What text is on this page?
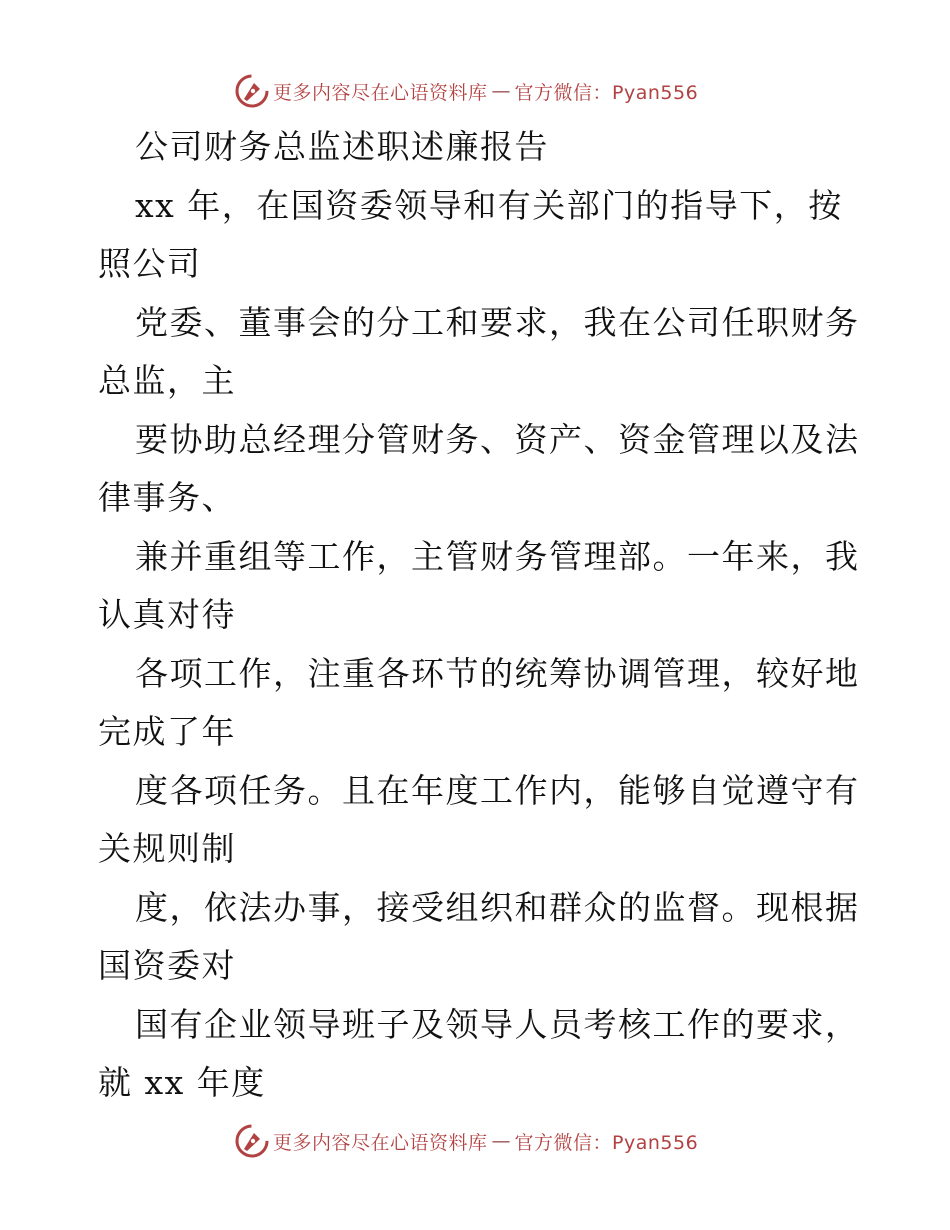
更多内容尽在心语资料库 — 官方微信：Pyan556
公司财务总监述职述廉报告
xx 年，在国资委领导和有关部门的指导下，按
照公司
党委、董事会的分工和要求，我在公司任职财务
总监，主
要协助总经理分管财务、资产、资金管理以及法
律事务、
兼并重组等工作，主管财务管理部。一年来，我
认真对待
各项工作，注重各环节的统筹协调管理，较好地
完成了年
度各项任务。且在年度工作内，能够自觉遵守有
关规则制
度，依法办事，接受组织和群众的监督。现根据
国资委对
国有企业领导班子及领导人员考核工作的要求，
就 xx 年度
更多内容尽在心语资料库 — 官方微信：Pyan556
